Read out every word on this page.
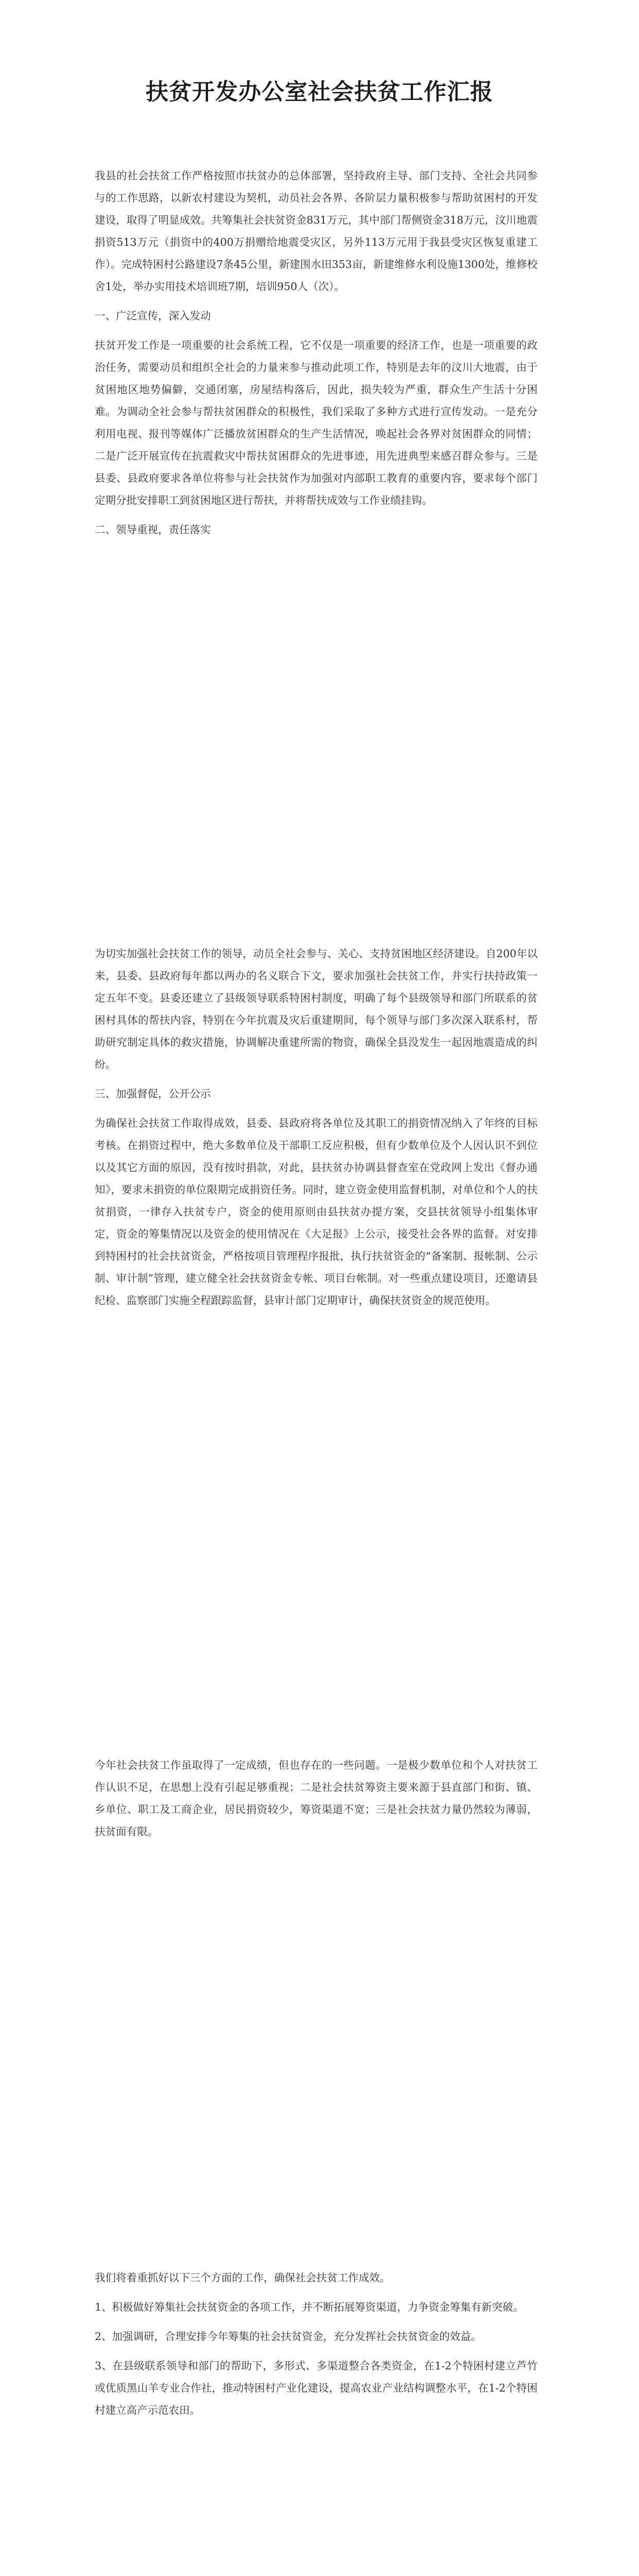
扶贫开发办公室社会扶贫工作汇报

我县的社会扶贫工作严格按照市扶贫办的总体部署，坚持政府主导、部门支持、全社会共同参与的工作思路，以新农村建设为契机，动员社会各界、各阶层力量积极参与帮助贫困村的开发建设，取得了明显成效。共筹集社会扶贫资金831万元，其中部门帮侧资金318万元，汶川地震捐资513万元（捐资中的400万捐赠给地震受灾区，另外113万元用于我县受灾区恢复重建工作）。完成特困村公路建设7条45公里，新建围水田353亩，新建维修水利设施1300处，维修校舍1处，举办实用技术培训班7期，培训950人（次）。

一、广泛宣传，深入发动

扶贫开发工作是一项重要的社会系统工程，它不仅是一项重要的经济工作，也是一项重要的政治任务，需要动员和组织全社会的力量来参与推动此项工作，特别是去年的汶川大地震，由于贫困地区地势偏僻，交通闭塞，房屋结构落后，因此，损失较为严重，群众生产生活十分困难。为调动全社会参与帮扶贫困群众的积极性，我们采取了多种方式进行宣传发动。一是充分利用电视、报刊等媒体广泛播放贫困群众的生产生活情况，唤起社会各界对贫困群众的同情；二是广泛开展宣传在抗震救灾中帮扶贫困群众的先进事迹，用先进典型来感召群众参与。三是县委、县政府要求各单位将参与社会扶贫作为加强对内部职工教育的重要内容，要求每个部门定期分批安排职工到贫困地区进行帮扶，并将帮扶成效与工作业绩挂钩。

二、领导重视，责任落实

为切实加强社会扶贫工作的领导，动员全社会参与、关心、支持贫困地区经济建设。自200年以来，县委、县政府每年都以两办的名义联合下文，要求加强社会扶贫工作，并实行扶持政策一定五年不变。县委还建立了县级领导联系特困村制度，明确了每个县级领导和部门所联系的贫困村具体的帮扶内容，特别在今年抗震及灾后重建期间，每个领导与部门多次深入联系村，帮助研究制定具体的救灾措施，协调解决重建所需的物资，确保全县没发生一起因地震造成的纠纷。

三、加强督促，公开公示

为确保社会扶贫工作取得成效，县委、县政府将各单位及其职工的捐资情况纳入了年终的目标考核。在捐资过程中，绝大多数单位及干部职工反应积极，但有少数单位及个人因认识不到位以及其它方面的原因，没有按时捐款，对此，县扶贫办协调县督查室在党政网上发出《督办通知》，要求未捐资的单位限期完成捐资任务。同时，建立资金使用监督机制，对单位和个人的扶贫捐资，一律存入扶贫专户，资金的使用原则由县扶贫办提方案，交县扶贫领导小组集体审定，资金的筹集情况以及资金的使用情况在《大足报》上公示，接受社会各界的监督。对安排到特困村的社会扶贫资金，严格按项目管理程序报批，执行扶贫资金的“备案制、报帐制、公示制、审计制”管理，建立健全社会扶贫资金专帐、项目台帐制。对一些重点建设项目，还邀请县纪检、监察部门实施全程跟踪监督，县审计部门定期审计，确保扶贫资金的规范使用。

今年社会扶贫工作虽取得了一定成绩，但也存在的一些问题。一是极少数单位和个人对扶贫工作认识不足，在思想上没有引起足够重视；二是社会扶贫筹资主要来源于县直部门和街、镇、乡单位、职工及工商企业，居民捐资较少，筹资渠道不宽；三是社会扶贫力量仍然较为薄弱，扶贫面有限。

我们将着重抓好以下三个方面的工作，确保社会扶贫工作成效。

1、积极做好筹集社会扶贫资金的各项工作，并不断拓展筹资渠道，力争资金筹集有新突破。

2、加强调研，合理安排今年筹集的社会扶贫资金，充分发挥社会扶贫资金的效益。

3、在县级联系领导和部门的帮助下，多形式、多渠道整合各类资金，在1-2个特困村建立芦竹或优质黑山羊专业合作社，推动特困村产业化建设，提高农业产业结构调整水平，在1-2个特困村建立高产示范农田。
